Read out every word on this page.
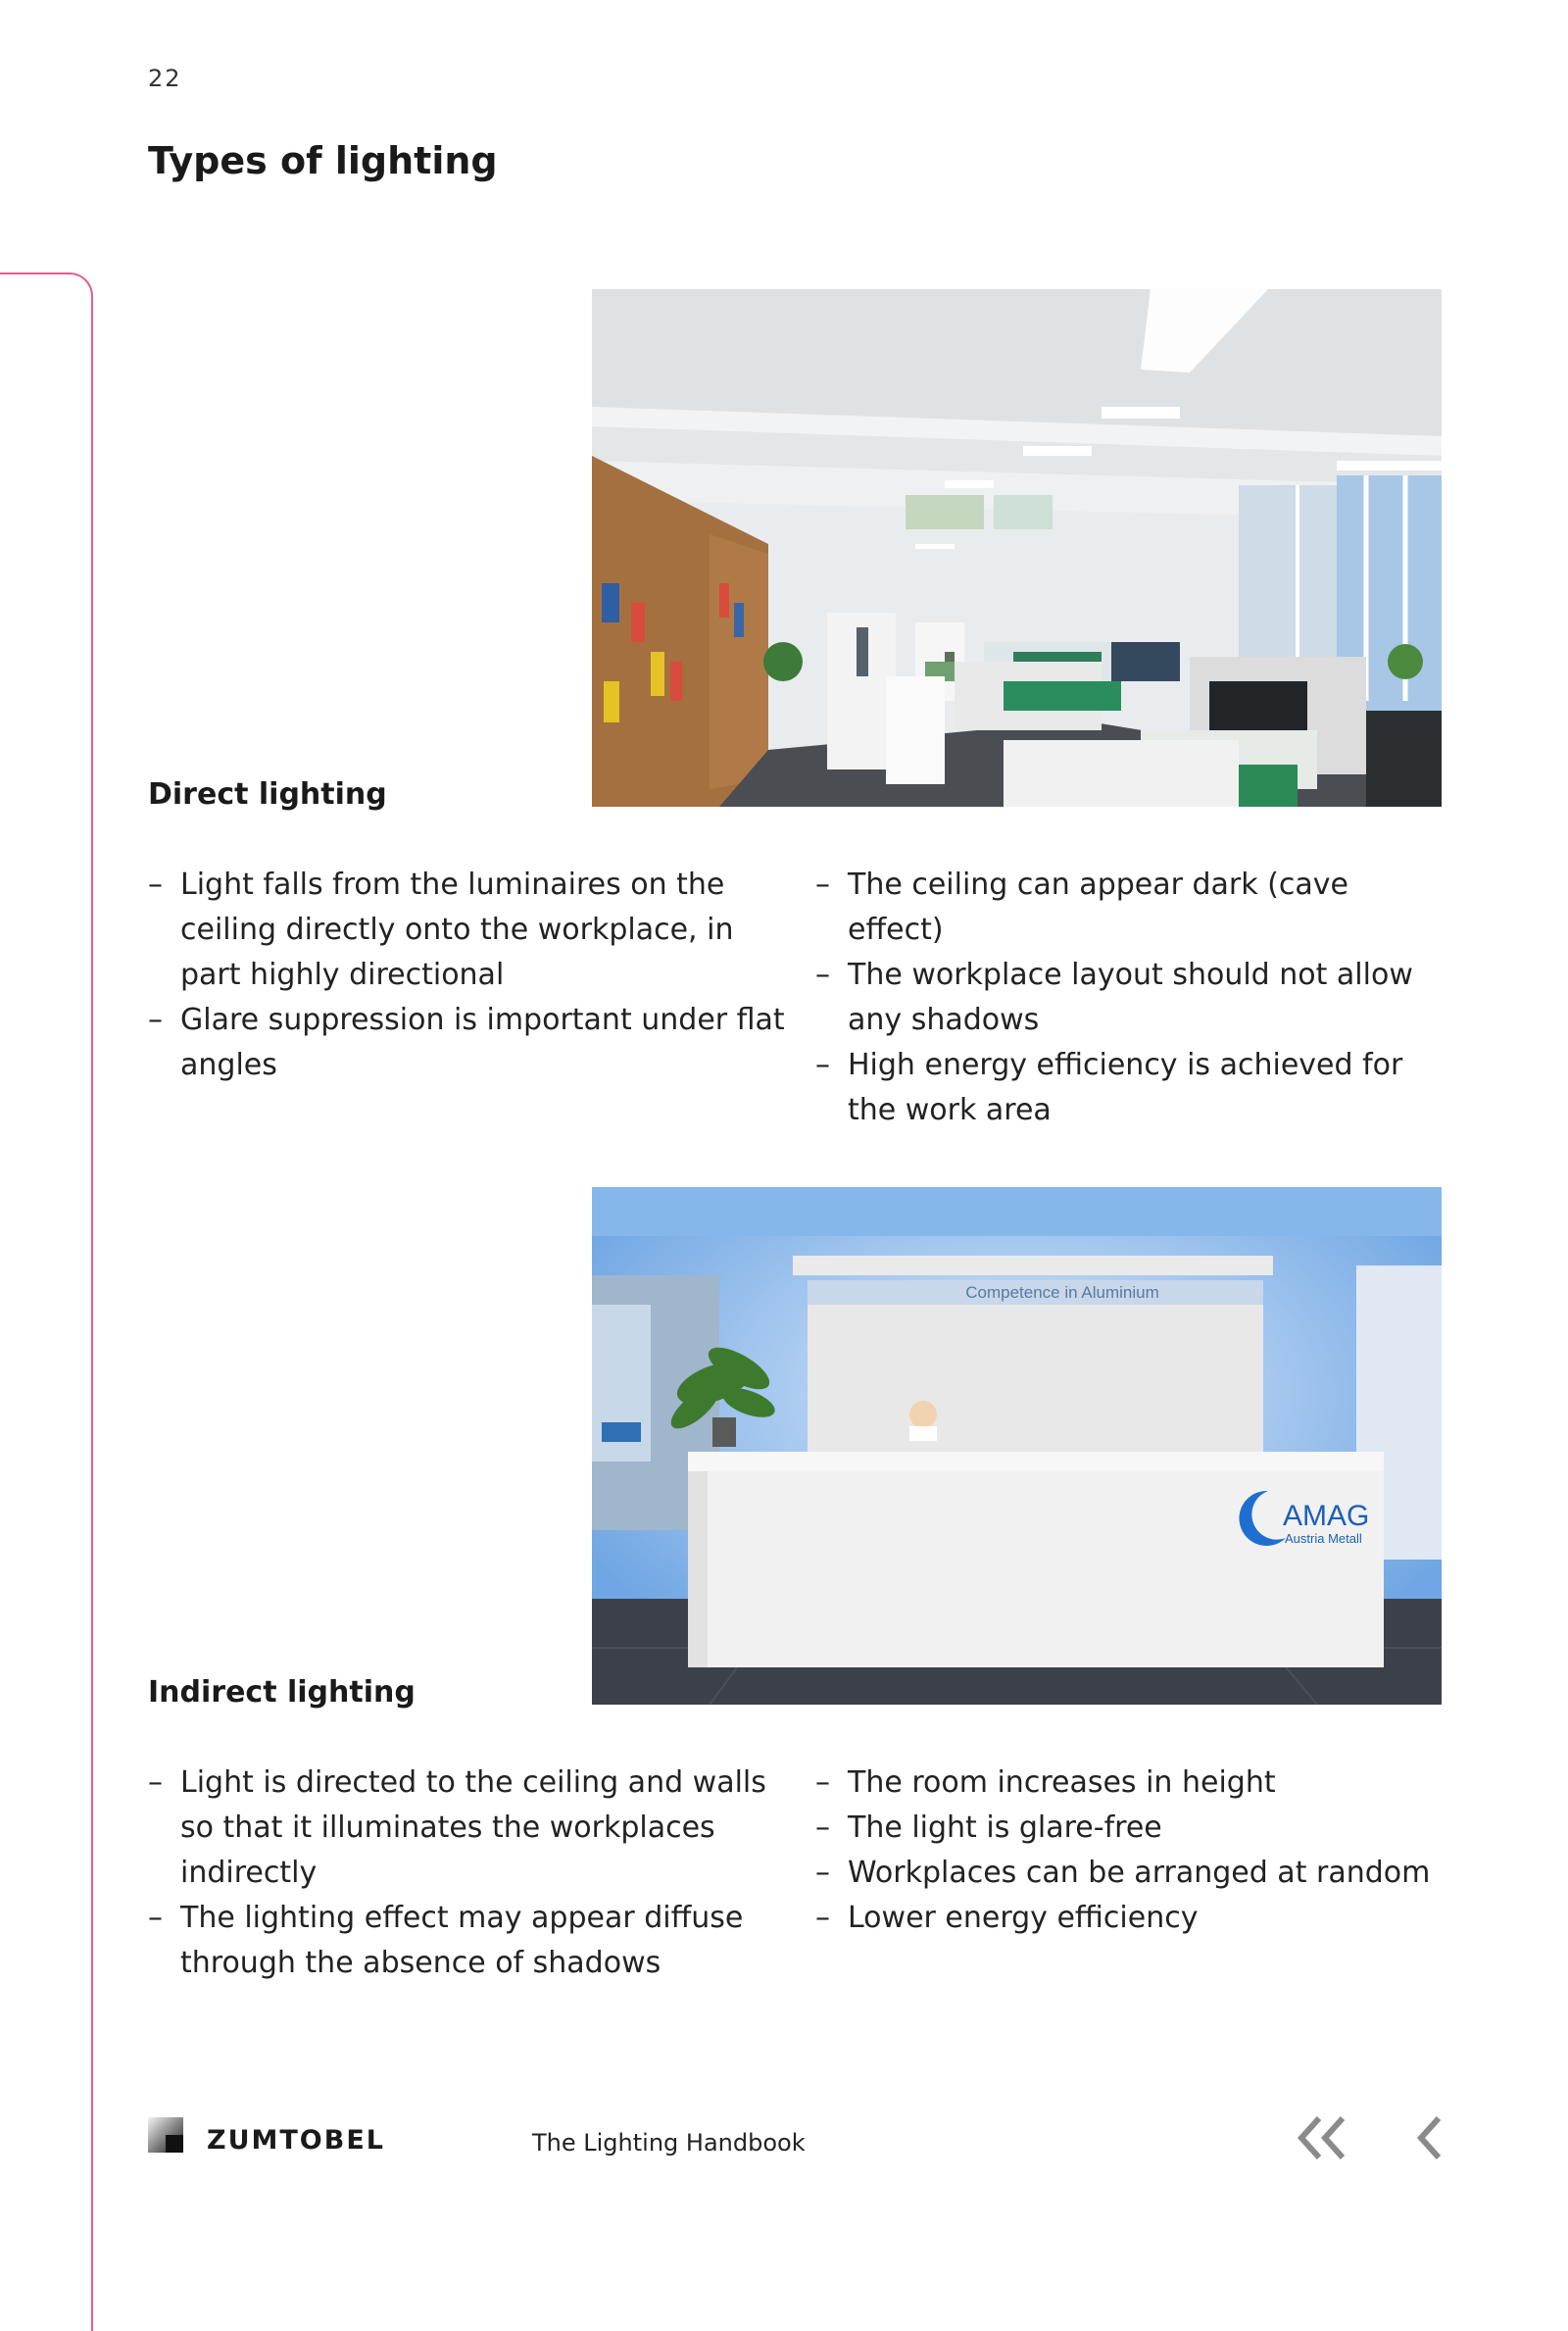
22
Types of lighting
Direct lighting
– Light falls from the luminaires on the ceiling directly onto the workplace, in part highly directional
– Glare suppression is important under flat angles
– The ceiling can appear dark (cave effect)
– The workplace layout should not allow any shadows
– High energy efficiency is achieved for the work area
Competence in Aluminium
AMAG
Austria Metall
Indirect lighting
– Light is directed to the ceiling and walls so that it illuminates the workplaces indirectly
– The lighting effect may appear diffuse through the absence of shadows
– The room increases in height
– The light is glare-free
– Workplaces can be arranged at random
– Lower energy efficiency
ZUMTOBEL	The Lighting Handbook
